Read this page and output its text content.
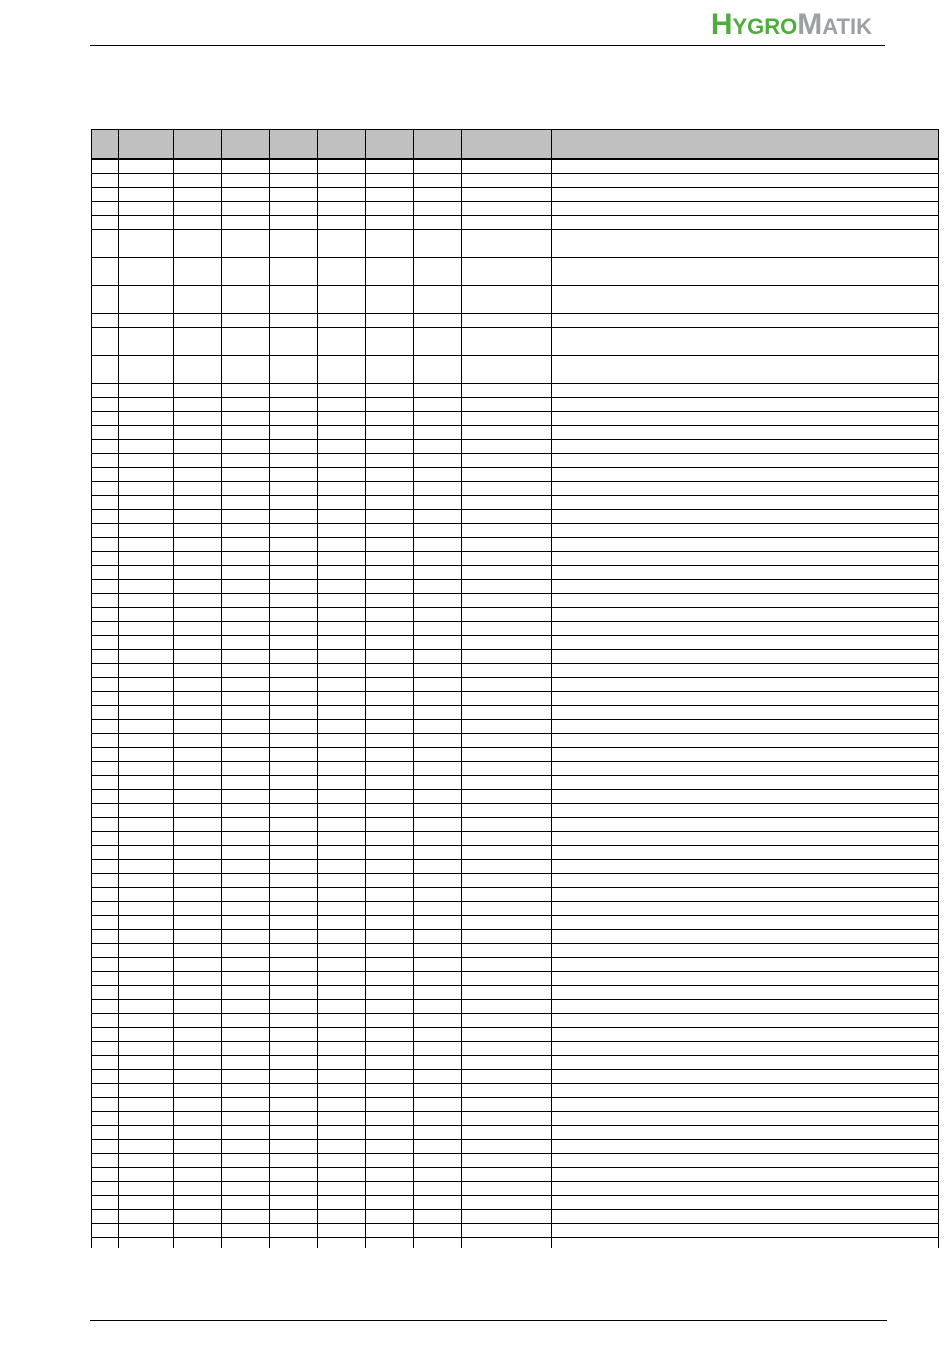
HYGROMATIK
